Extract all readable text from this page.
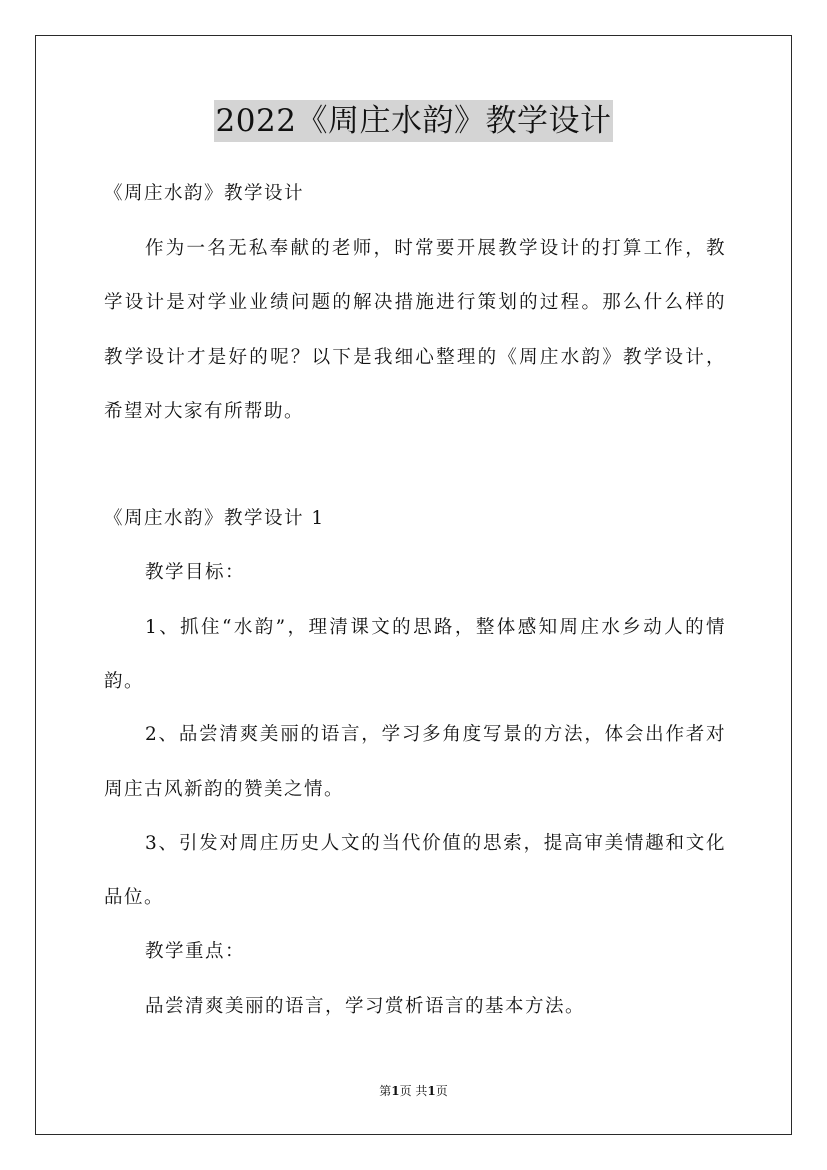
2022《周庄水韵》教学设计
《周庄水韵》教学设计
作为一名无私奉献的老师，时常要开展教学设计的打算工作，教
学设计是对学业业绩问题的解决措施进行策划的过程。那么什么样的
教学设计才是好的呢？以下是我细心整理的《周庄水韵》教学设计，
希望对大家有所帮助。
《周庄水韵》教学设计 1
教学目标：
1、抓住“水韵”，理清课文的思路，整体感知周庄水乡动人的情
韵。
2、品尝清爽美丽的语言，学习多角度写景的方法，体会出作者对
周庄古风新韵的赞美之情。
3、引发对周庄历史人文的当代价值的思索，提高审美情趣和文化
品位。
教学重点：
品尝清爽美丽的语言，学习赏析语言的基本方法。
第1页 共1页
